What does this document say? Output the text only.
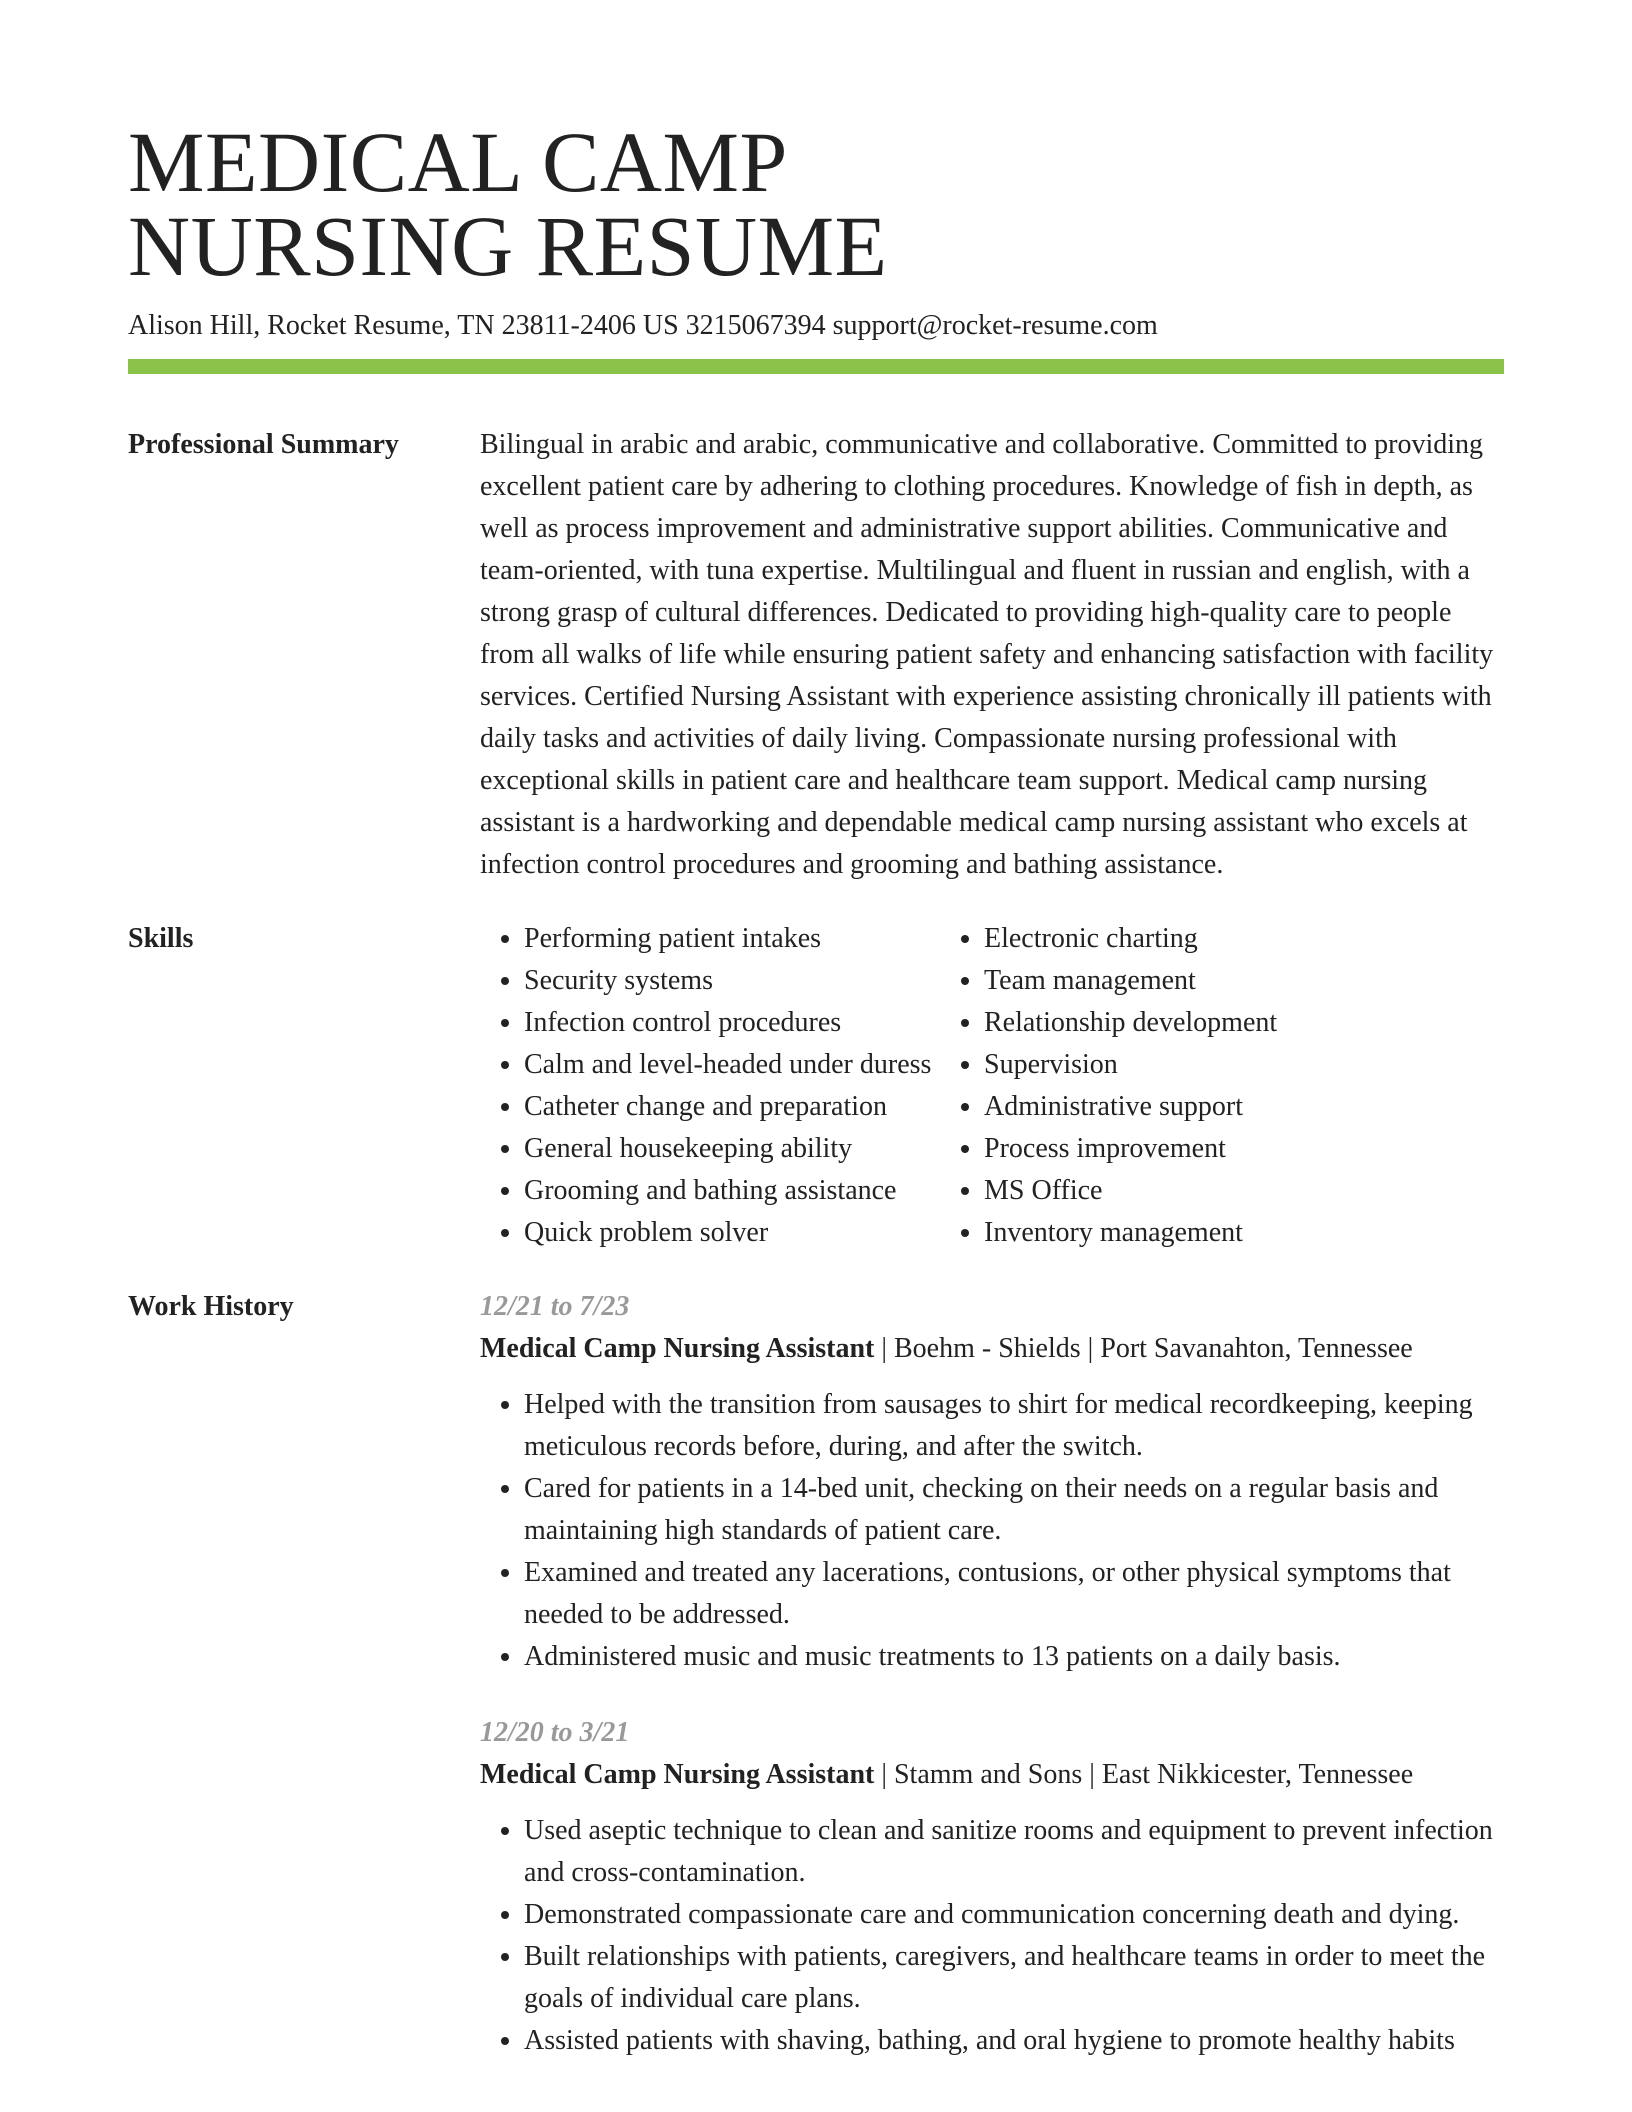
MEDICAL CAMP
NURSING RESUME
Alison Hill, Rocket Resume, TN 23811-2406 US 3215067394 support@rocket-resume.com
Professional Summary	Bilingual in arabic and arabic, communicative and collaborative. Committed to providing excellent patient care by adhering to clothing procedures. Knowledge of fish in depth, as well as process improvement and administrative support abilities. Communicative and team-oriented, with tuna expertise. Multilingual and fluent in russian and english, with a strong grasp of cultural differences. Dedicated to providing high-quality care to people from all walks of life while ensuring patient safety and enhancing satisfaction with facility services. Certified Nursing Assistant with experience assisting chronically ill patients with daily tasks and activities of daily living. Compassionate nursing professional with exceptional skills in patient care and healthcare team support. Medical camp nursing assistant is a hardworking and dependable medical camp nursing assistant who excels at infection control procedures and grooming and bathing assistance.

Skills
•	Performing patient intakes
• Security systems
• Infection control procedures
• Calm and level-headed under duress
• Catheter change and preparation
• General housekeeping ability
• Grooming and bathing assistance
• Quick problem solver
• Electronic charting
• Team management
• Relationship development
• Supervision
• Administrative support
• Process improvement
• MS Office
• Inventory management
Work History	12/21 to 7/23
Medical Camp Nursing Assistant | Boehm - Shields | Port Savanahton, Tennessee
• Helped with the transition from sausages to shirt for medical recordkeeping, keeping meticulous records before, during, and after the switch.
• Cared for patients in a 14-bed unit, checking on their needs on a regular basis and maintaining high standards of patient care.
• Examined and treated any lacerations, contusions, or other physical symptoms that needed to be addressed.
• Administered music and music treatments to 13 patients on a daily basis.
12/20 to 3/21
Medical Camp Nursing Assistant | Stamm and Sons | East Nikkicester, Tennessee
• Used aseptic technique to clean and sanitize rooms and equipment to prevent infection and cross-contamination.
• Demonstrated compassionate care and communication concerning death and dying.
• Built relationships with patients, caregivers, and healthcare teams in order to meet the goals of individual care plans.
• Assisted patients with shaving, bathing, and oral hygiene to promote healthy habits
